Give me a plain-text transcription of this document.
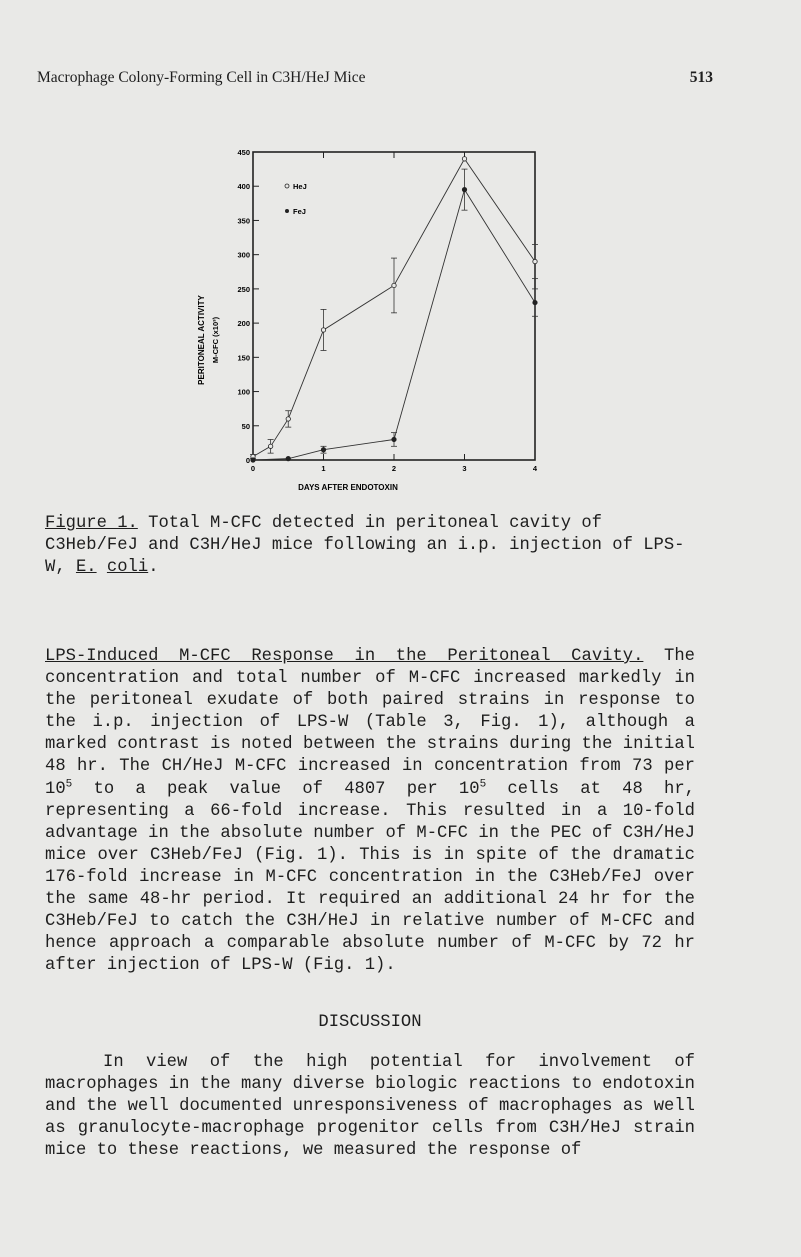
Macrophage Colony-Forming Cell in C3H/HeJ Mice	513
0
50
100
150
200
250
300
350
400
450
0	1	2	3	4
PERITONEAL ACTIVITY M-CFC (x10³)
DAYS AFTER ENDOTOXIN
HeJ
FeJ
Figure 1. Total M-CFC detected in peritoneal cavity of C3Heb/FeJ and C3H/HeJ mice following an i.p. injection of LPS-W, E. coli.
LPS-Induced M-CFC Response in the Peritoneal Cavity. The concentration and total number of M-CFC increased markedly in the peritoneal exudate of both paired strains in response to the i.p. injection of LPS-W (Table 3, Fig. 1), although a marked contrast is noted between the strains during the initial 48 hr. The CH/HeJ M-CFC increased in concentration from 73 per $10^5$ to a peak value of 4807 per $10^5$ cells at 48 hr, representing a 66-fold increase. This resulted in a 10-fold advantage in the absolute number of M-CFC in the PEC of C3H/HeJ mice over C3Heb/FeJ (Fig. 1). This is in spite of the dramatic 176-fold increase in M-CFC concentration in the C3Heb/FeJ over the same 48-hr period. It required an additional 24 hr for the C3Heb/FeJ to catch the C3H/HeJ in relative number of M-CFC and hence approach a comparable absolute number of M-CFC by 72 hr after injection of LPS-W (Fig. 1).
DISCUSSION
In view of the high potential for involvement of macrophages in the many diverse biologic reactions to endotoxin and the well documented unresponsiveness of macrophages as well as granulocyte-macrophage progenitor cells from C3H/HeJ strain mice to these reactions, we measured the response of
